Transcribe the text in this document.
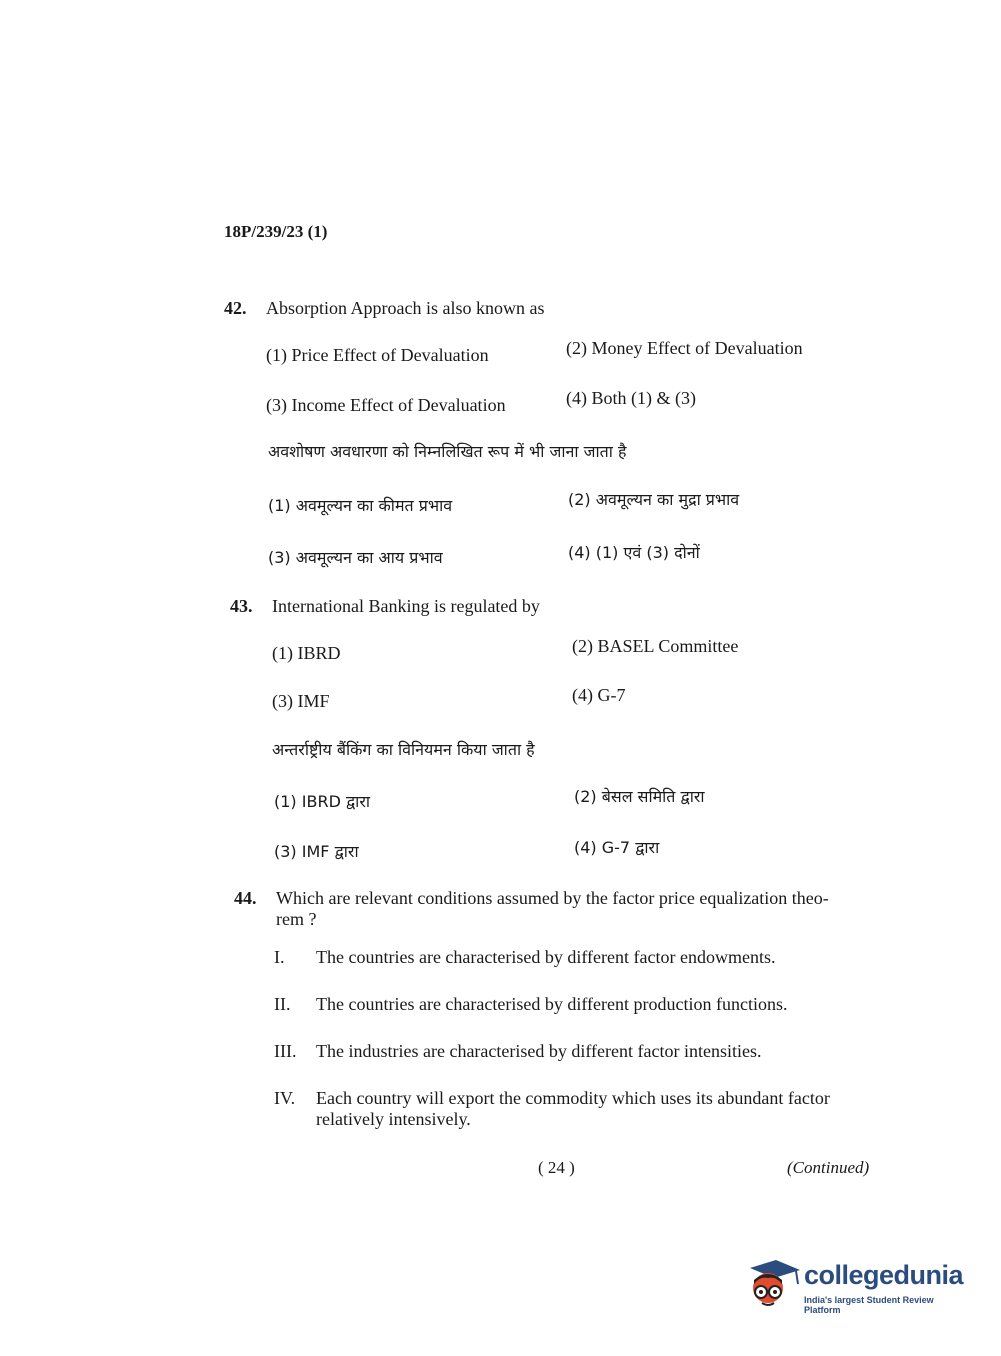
18P/239/23 (1)
42. Absorption Approach is also known as
(1) Price Effect of Devaluation	(2) Money Effect of Devaluation
(3) Income Effect of Devaluation	(4) Both (1) & (3)
अवशोषण अवधारणा को निम्नलिखित रूप में भी जाना जाता है
(1) अवमूल्यन का कीमत प्रभाव	(2) अवमूल्यन का मुद्रा प्रभाव
(3) अवमूल्यन का आय प्रभाव	(4) (1) एवं (3) दोनों
43. International Banking is regulated by
(1) IBRD	(2) BASEL Committee
(3) IMF	(4) G-7
अन्तर्राष्ट्रीय बैंकिंग का विनियमन किया जाता है
(1) IBRD द्वारा	(2) बेसल समिति द्वारा
(3) IMF द्वारा	(4) G-7 द्वारा
44. Which are relevant conditions assumed by the factor price equalization theo-
rem ?
I. The countries are characterised by different factor endowments.
II. The countries are characterised by different production functions.
III. The industries are characterised by different factor intensities.
IV. Each country will export the commodity which uses its abundant factor
relatively intensively.
( 24 )	(Continued)
collegedunia
India's largest Student Review Platform
